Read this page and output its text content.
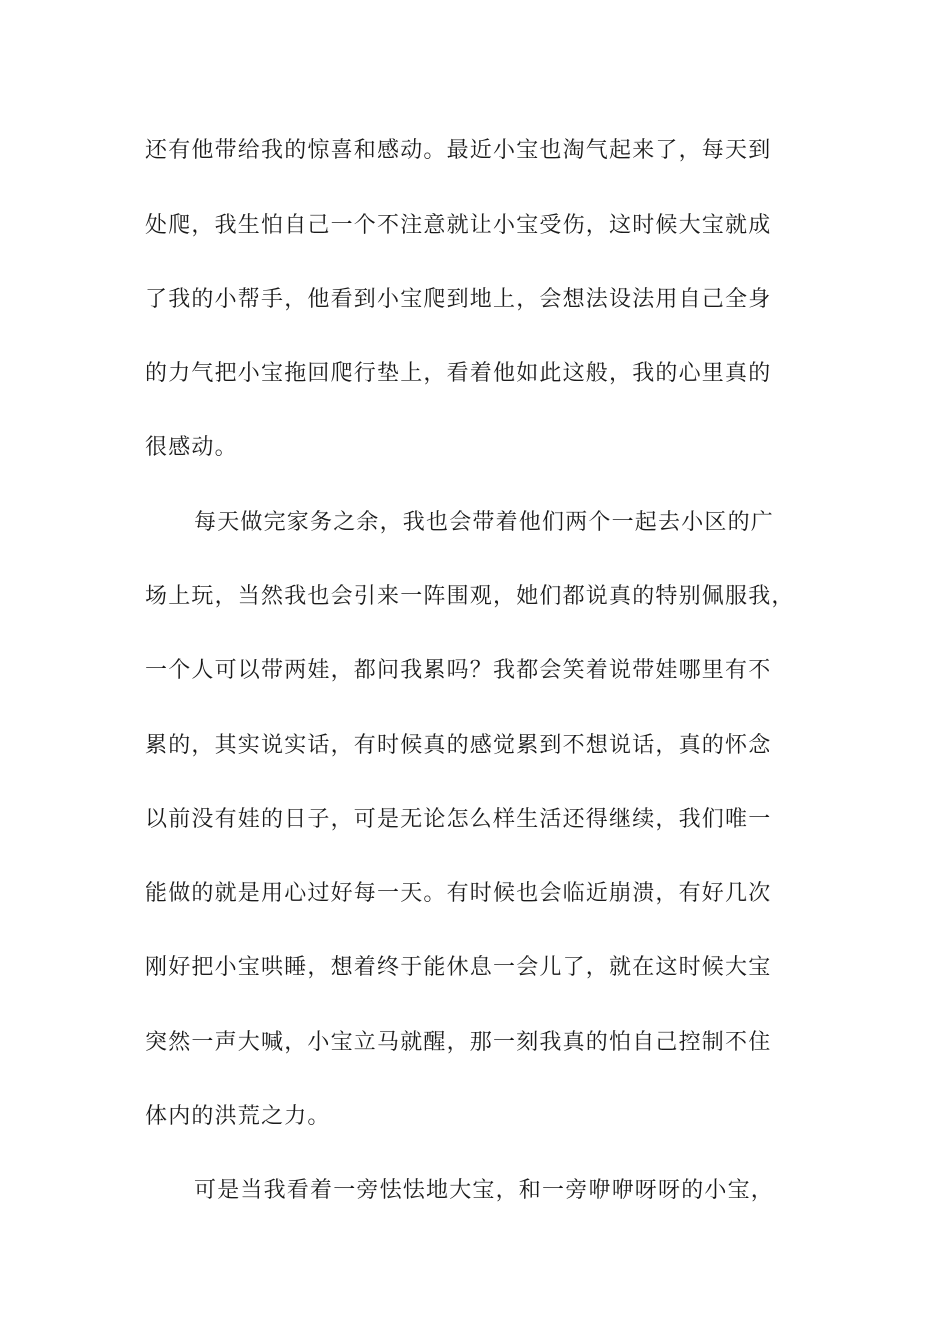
还有他带给我的惊喜和感动。最近小宝也淘气起来了，每天到
处爬，我生怕自己一个不注意就让小宝受伤，这时候大宝就成
了我的小帮手，他看到小宝爬到地上，会想法设法用自己全身
的力气把小宝拖回爬行垫上，看着他如此这般，我的心里真的
很感动。
每天做完家务之余，我也会带着他们两个一起去小区的广
场上玩，当然我也会引来一阵围观，她们都说真的特别佩服我，
一个人可以带两娃，都问我累吗？我都会笑着说带娃哪里有不
累的，其实说实话，有时候真的感觉累到不想说话，真的怀念
以前没有娃的日子，可是无论怎么样生活还得继续，我们唯一
能做的就是用心过好每一天。有时候也会临近崩溃，有好几次
刚好把小宝哄睡，想着终于能休息一会儿了，就在这时候大宝
突然一声大喊，小宝立马就醒，那一刻我真的怕自己控制不住
体内的洪荒之力。
可是当我看着一旁怯怯地大宝，和一旁咿咿呀呀的小宝，
